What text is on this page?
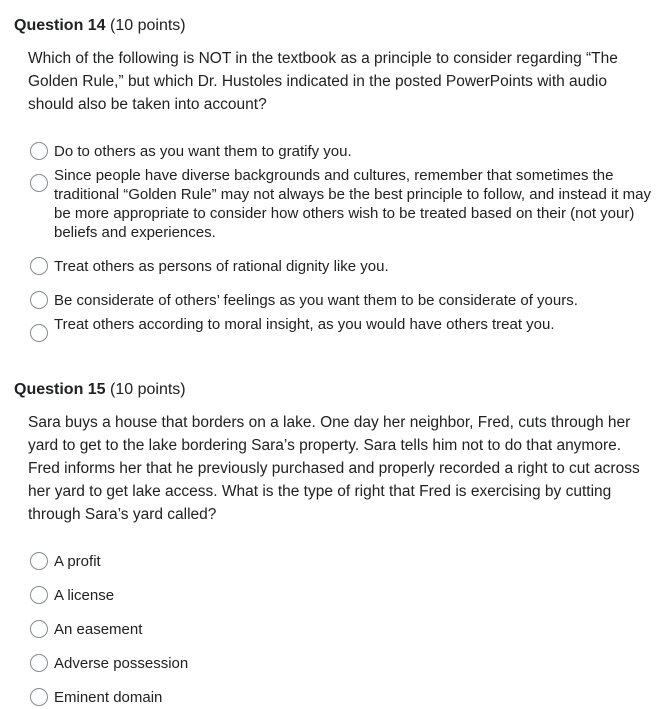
Question 14 (10 points)
Which of the following is NOT in the textbook as a principle to consider regarding “The Golden Rule,” but which Dr. Hustoles indicated in the posted PowerPoints with audio should also be taken into account?
Do to others as you want them to gratify you.
Since people have diverse backgrounds and cultures, remember that sometimes the traditional “Golden Rule” may not always be the best principle to follow, and instead it may be more appropriate to consider how others wish to be treated based on their (not your) beliefs and experiences.
Treat others as persons of rational dignity like you.
Be considerate of others’ feelings as you want them to be considerate of yours.
Treat others according to moral insight, as you would have others treat you.
Question 15 (10 points)
Sara buys a house that borders on a lake. One day her neighbor, Fred, cuts through her yard to get to the lake bordering Sara’s property. Sara tells him not to do that anymore. Fred informs her that he previously purchased and properly recorded a right to cut across her yard to get lake access. What is the type of right that Fred is exercising by cutting through Sara’s yard called?
A profit
A license
An easement
Adverse possession
Eminent domain
